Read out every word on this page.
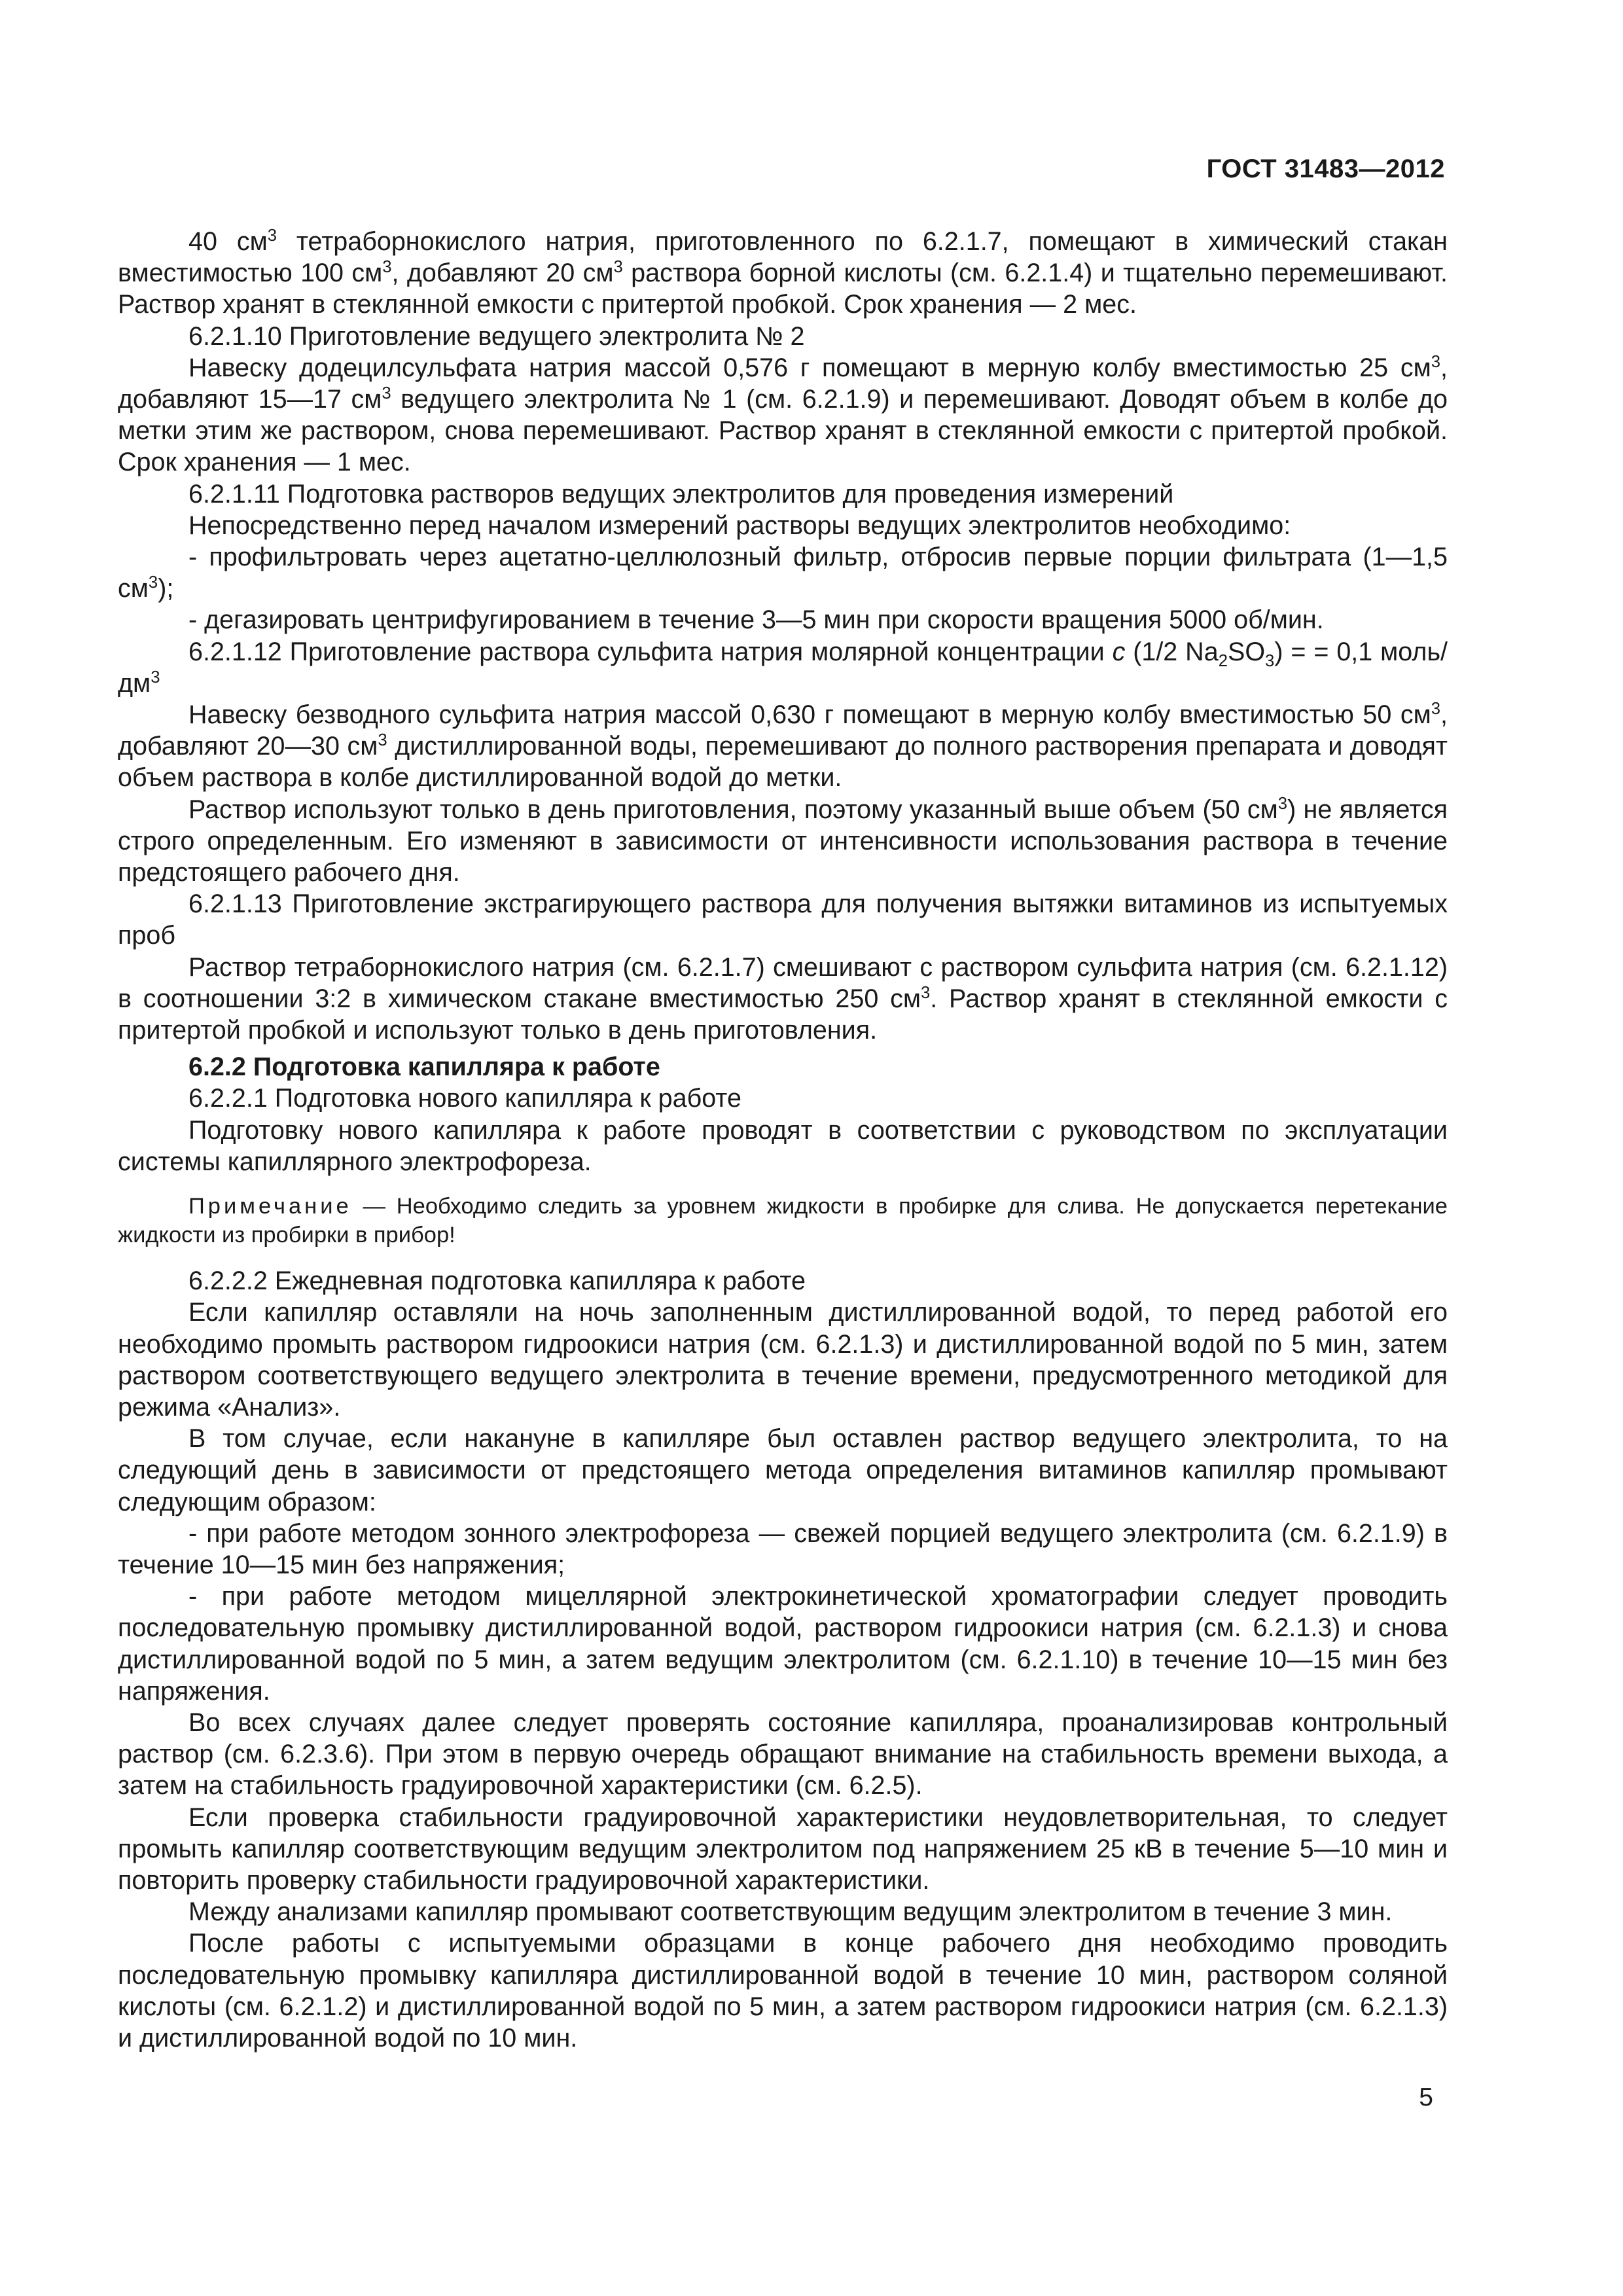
ГОСТ 31483—2012

40 $см^3$ тетраборнокислого натрия, приготовленного по 6.2.1.7, помещают в химический стакан вместимостью 100 $см^3$, добавляют 20 $см^3$ раствора борной кислоты (см. 6.2.1.4) и тщательно перемешивают. Раствор хранят в стеклянной емкости с притертой пробкой. Срок хранения — 2 мес.

6.2.1.10 Приготовление ведущего электролита № 2

Навеску додецилсульфата натрия массой 0,576 г помещают в мерную колбу вместимостью 25 $см^3$, добавляют 15—17 $см^3$ ведущего электролита № 1 (см. 6.2.1.9) и перемешивают. Доводят объем в колбе до метки этим же раствором, снова перемешивают. Раствор хранят в стеклянной емкости с притертой пробкой. Срок хранения — 1 мес.

6.2.1.11 Подготовка растворов ведущих электролитов для проведения измерений

Непосредственно перед началом измерений растворы ведущих электролитов необходимо:

- профильтровать через ацетатно-целлюлозный фильтр, отбросив первые порции фильтрата (1—1,5 $см^3$);

- дегазировать центрифугированием в течение 3—5 мин при скорости вращения 5000 об/мин.

6.2.1.12 Приготовление раствора сульфита натрия молярной концентрации с (1/2 $Na_2SO_3$) = = 0,1 моль/$дм^3$

Навеску безводного сульфита натрия массой 0,630 г помещают в мерную колбу вместимостью 50 $см^3$, добавляют 20—30 $см^3$ дистиллированной воды, перемешивают до полного растворения препарата и доводят объем раствора в колбе дистиллированной водой до метки.

Раствор используют только в день приготовления, поэтому указанный выше объем (50 $см^3$) не является строго определенным. Его изменяют в зависимости от интенсивности использования раствора в течение предстоящего рабочего дня.

6.2.1.13 Приготовление экстрагирующего раствора для получения вытяжки витаминов из испытуемых проб

Раствор тетраборнокислого натрия (см. 6.2.1.7) смешивают с раствором сульфита натрия (см. 6.2.1.12) в соотношении 3:2 в химическом стакане вместимостью 250 $см^3$. Раствор хранят в стеклянной емкости с притертой пробкой и используют только в день приготовления.

6.2.2 Подготовка капилляра к работе

6.2.2.1 Подготовка нового капилляра к работе

Подготовку нового капилляра к работе проводят в соответствии с руководством по эксплуатации системы капиллярного электрофореза.

Примечание — Необходимо следить за уровнем жидкости в пробирке для слива. Не допускается перетекание жидкости из пробирки в прибор!

6.2.2.2 Ежедневная подготовка капилляра к работе

Если капилляр оставляли на ночь заполненным дистиллированной водой, то перед работой его необходимо промыть раствором гидроокиси натрия (см. 6.2.1.3) и дистиллированной водой по 5 мин, затем раствором соответствующего ведущего электролита в течение времени, предусмотренного методикой для режима «Анализ».

В том случае, если накануне в капилляре был оставлен раствор ведущего электролита, то на следующий день в зависимости от предстоящего метода определения витаминов капилляр промывают следующим образом:

- при работе методом зонного электрофореза — свежей порцией ведущего электролита (см. 6.2.1.9) в течение 10—15 мин без напряжения;

- при работе методом мицеллярной электрокинетической хроматографии следует проводить последовательную промывку дистиллированной водой, раствором гидроокиси натрия (см. 6.2.1.3) и снова дистиллированной водой по 5 мин, а затем ведущим электролитом (см. 6.2.1.10) в течение 10—15 мин без напряжения.

Во всех случаях далее следует проверять состояние капилляра, проанализировав контрольный раствор (см. 6.2.3.6). При этом в первую очередь обращают внимание на стабильность времени выхода, а затем на стабильность градуировочной характеристики (см. 6.2.5).

Если проверка стабильности градуировочной характеристики неудовлетворительная, то следует промыть капилляр соответствующим ведущим электролитом под напряжением 25 кВ в течение 5—10 мин и повторить проверку стабильности градуировочной характеристики.

Между анализами капилляр промывают соответствующим ведущим электролитом в течение 3 мин.

После работы с испытуемыми образцами в конце рабочего дня необходимо проводить последовательную промывку капилляра дистиллированной водой в течение 10 мин, раствором соляной кислоты (см. 6.2.1.2) и дистиллированной водой по 5 мин, а затем раствором гидроокиси натрия (см. 6.2.1.3) и дистиллированной водой по 10 мин.

5
